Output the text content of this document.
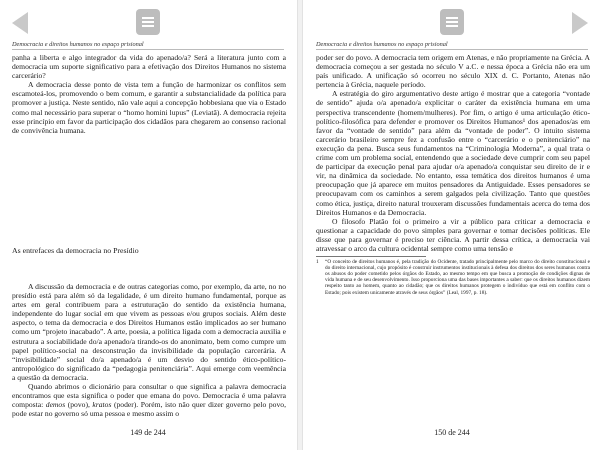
Democracia e direitos humanos no espaço prisional

panha a liberta e algo integrador da vida do apenado/a? Será a literatura junto com a democracia um suporte significativo para a efetivação dos Direitos Humanos no sistema carcerário?

A democracia desse ponto de vista tem a função de harmonizar os conflitos sem escamoteá-los, promovendo o bem comum, e garantir a substancialidade da política para promover a justiça. Neste sentido, não vale aqui a concepção hobbesiana que via o Estado como mal necessário para superar o “homo homini lupus” (Leviatã). A democracia rejeita esse princípio em favor da participação dos cidadãos para chegarem ao consenso racional de convivência humana.

As entrefaces da democracia no Presídio

A discussão da democracia e de outras categorias como, por exemplo, da arte, no no presídio está para além só da legalidade, é um direito humano fundamental, porque as artes em geral contribuem para a estruturação do sentido da existência humana, independente do lugar social em que vivem as pessoas e/ou grupos sociais. Além deste aspecto, o tema da democracia e dos Direitos Humanos estão implicados ao ser humano como um “projeto inacabado”. A arte, poesia, a política ligada com a democracia auxilia e estrutura a sociabilidade do/a apenado/a tirando-os do anonimato, bem como cumpre um papel político-social na desconstrução da invisibilidade da população carcerária. A “invisibilidade” social do/a apenado/a é um desvio do sentido ético-político-antropológico do significado da “pedagogia penitenciária”. Aqui emerge com veemência a questão da democracia.

Quando abrimos o dicionário para consultar o que significa a palavra democracia encontramos que esta significa o poder que emana do povo. Democracia é uma palavra composta: demos (povo), kratos (poder). Porém, isto não quer dizer governo pelo povo, pode estar no governo só uma pessoa e mesmo assim o

149 de 244
Democracia e direitos humanos no espaço prisional

poder ser do povo. A democracia tem origem em Atenas, e não propriamente na Grécia. A democracia começou a ser gestada no século V a.C. e nessa época a Grécia não era um país unificado. A unificação só ocorreu no século XIX d. C. Portanto, Atenas não pertencia à Grécia, naquele período.

A estratégia do giro argumentativo deste artigo é mostrar que a categoria “vontade de sentido” ajuda o/a apenado/a explicitar o caráter da existência humana em uma perspectiva transcendente (homem/mulheres). Por fim, o artigo é uma articulação ético-político-filosófica para defender e promover os Direitos Humanos¹ dos apenados/as em favor da “vontade de sentido” para além da “vontade de poder”. O intuito sistema carcerário brasileiro sempre fez a confusão entre o “carcerário e o penitenciário” na execução da pena. Busca seus fundamentos na “Criminologia Moderna”, a qual trata o crime com um problema social, entendendo que a sociedade deve cumprir com seu papel de participar da execução penal para ajudar o/a apenado/a conquistar seu direito de ir e vir, na dinâmica da sociedade. No entanto, essa temática dos direitos humanos é uma preocupação que já aparece em muitos pensadores da Antiguidade. Esses pensadores se preocupavam com os caminhos a serem galgados pela civilização. Tanto que questões como ética, justiça, direito natural trouxeram discussões fundamentais acerca do tema dos Direitos Humanos e da Democracia.

O filosofo Platão foi o primeiro a vir a público para criticar a democracia e questionar a capacidade do povo simples para governar e tomar decisões políticas. Ele disse que para governar é preciso ter ciência. A partir dessa crítica, a democracia vai atravessar o arco da cultura ocidental sempre como uma tensão e

1	“O conceito de direitos humanos é, pela tradição do Ocidente, tratado principalmente pelo marco do direito constitucional e do direito internacional, cujo propósito é construir instrumentos institucionais à defesa dos direitos dos seres humanos contra os abusos do poder cometido pelos órgãos do Estado, ao mesmo tempo em que busca a promoção de condições dignas de vida humana e de seu desenvolvimento. Isso proporciona uma das bases importantes a saber: que os direitos humanos dizem respeito tanto ao homem, quanto ao cidadão; que os direitos humanos protegem o indivíduo que está em conflito com o Estado; pois existem unicamente através de seus órgãos” (Leal, 1997, p. 18).
150 de 244
